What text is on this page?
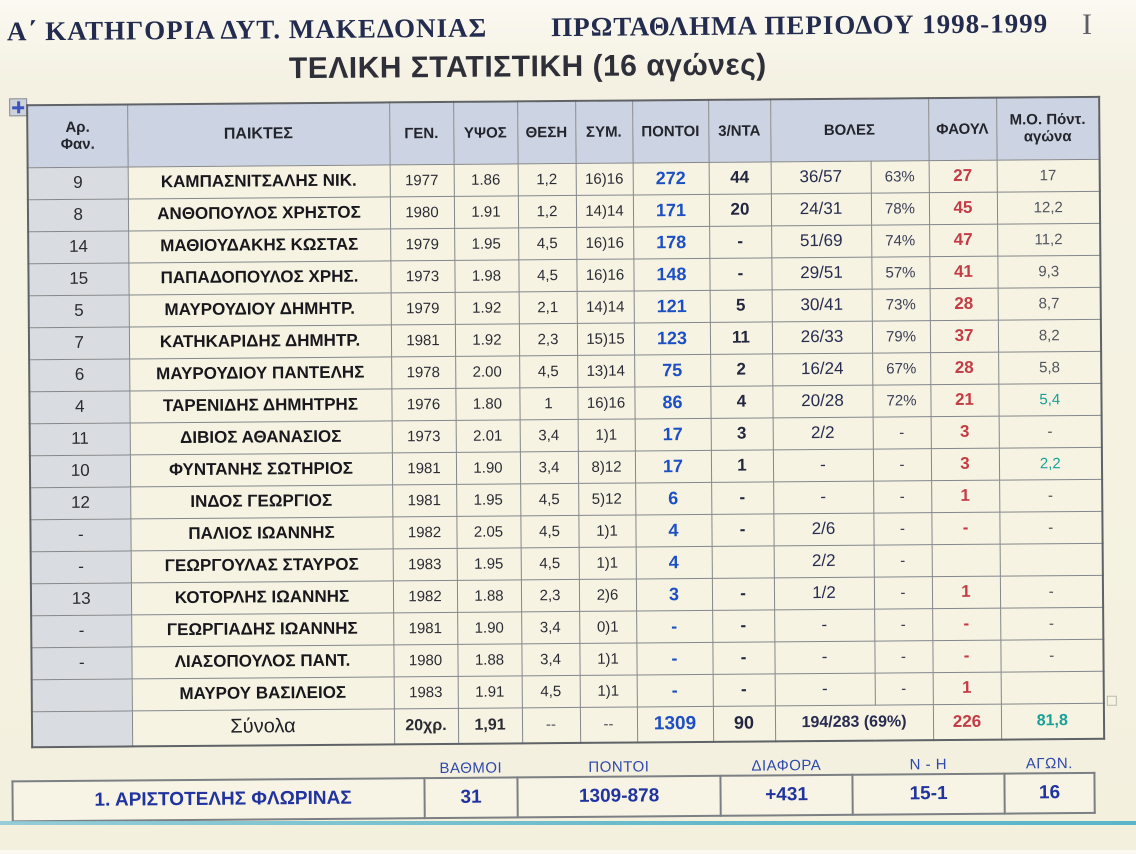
Α΄ ΚΑΤΗΓΟΡΙΑ ΔΥΤ. ΜΑΚΕΔΟΝΙΑΣ ΠΡΩΤΑΘΛΗΜΑ ΠΕΡΙΟΔΟΥ 1998-1999
ΤΕΛΙΚΗ ΣΤΑΤΙΣΤΙΚΗ (16 αγώνες)
Αρ.
Φαν.	ΠΑΙΚΤΕΣ	ΓΕΝ.	ΥΨΟΣ	ΘΕΣΗ	ΣΥΜ.	ΠΟΝΤΟΙ	3/ΝΤΑ	ΒΟΛΕΣ		ΦΑΟΥΛ	Μ.Ο. Πόντ.
αγώνα
9	ΚΑΜΠΑΣΝΙΤΣΑΛΗΣ ΝΙΚ.	1977	1.86	1,2	16)16	272	44	36/57	63%	27	17
8	ΑΝΘΟΠΟΥΛΟΣ ΧΡΗΣΤΟΣ	1980	1.91	1,2	14)14	171	20	24/31	78%	45	12,2
14	ΜΑΘΙΟΥΔΑΚΗΣ ΚΩΣΤΑΣ	1979	1.95	4,5	16)16	178	-	51/69	74%	47	11,2
15	ΠΑΠΑΔΟΠΟΥΛΟΣ ΧΡΗΣ.	1973	1.98	4,5	16)16	148	-	29/51	57%	41	9,3
5	ΜΑΥΡΟΥΔΙΟΥ ΔΗΜΗΤΡ.	1979	1.92	2,1	14)14	121	5	30/41	73%	28	8,7
7	ΚΑΤΗΚΑΡΙΔΗΣ ΔΗΜΗΤΡ.	1981	1.92	2,3	15)15	123	11	26/33	79%	37	8,2
6	ΜΑΥΡΟΥΔΙΟΥ ΠΑΝΤΕΛΗΣ	1978	2.00	4,5	13)14	75	2	16/24	67%	28	5,8
4	ΤΑΡΕΝΙΔΗΣ ΔΗΜΗΤΡΗΣ	1976	1.80	1	16)16	86	4	20/28	72%	21	5,4
11	ΔΙΒΙΟΣ ΑΘΑΝΑΣΙΟΣ	1973	2.01	3,4	1)1	17	3	2/2	-	3	-
10	ΦΥΝΤΑΝΗΣ ΣΩΤΗΡΙΟΣ	1981	1.90	3,4	8)12	17	1	-	-	3	2,2
12	ΙΝΔΟΣ ΓΕΩΡΓΙΟΣ	1981	1.95	4,5	5)12	6	-	-	-	1	-
-	ΠΑΛΙΟΣ ΙΩΑΝΝΗΣ	1982	2.05	4,5	1)1	4	-	2/6	-	-	-
-	ΓΕΩΡΓΟΥΛΑΣ ΣΤΑΥΡΟΣ	1983	1.95	4,5	1)1	4		2/2	-		
13	ΚΟΤΟΡΛΗΣ ΙΩΑΝΝΗΣ	1982	1.88	2,3	2)6	3	-	1/2	-	1	-
-	ΓΕΩΡΓΙΑΔΗΣ ΙΩΑΝΝΗΣ	1981	1.90	3,4	0)1	-	-	-	-	-	-
-	ΛΙΑΣΟΠΟΥΛΟΣ ΠΑΝΤ.	1980	1.88	3,4	1)1	-	-	-	-	-	-
	ΜΑΥΡΟΥ ΒΑΣΙΛΕΙΟΣ	1983	1.91	4,5	1)1	-	-	-	-	1	
	Σύνολα	20χρ.	1,91	--	--	1309	90	194/283 (69%)		226	81,8
	ΒΑΘΜΟΙ	ΠΟΝΤΟΙ	ΔΙΑΦΟΡΑ	Ν - Η	ΑΓΩΝ.
1. ΑΡΙΣΤΟΤΕΛΗΣ ΦΛΩΡΙΝΑΣ	31	1309-878	+431	15-1	16
I
